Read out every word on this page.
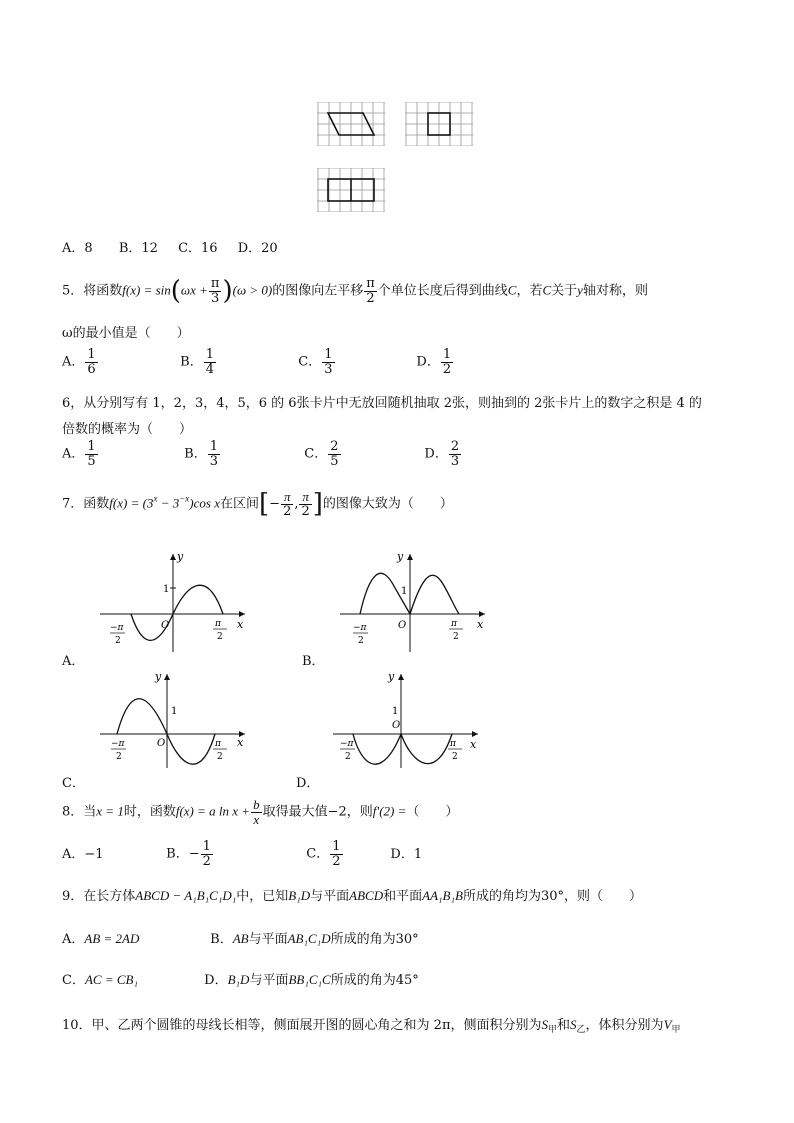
A．8 B．12 C．16 D．20
5．将函数$f(x) = \sin(\omega x + \frac{\pi}{3} )(\omega > 0)$的图像向左平移 $\frac{\pi}{2}$ 个单位长度后得到曲线C，若C关于y轴对称，则
ω的最小值是（　　）
A． $\frac{1}{6}$	B． $\frac{1}{4}$	C． $\frac{1}{3}$	D． $\frac{1}{2}$
6，从分别写有 1，2，3，4，5，6 的 6张卡片中无放回随机抽取 2张，则抽到的 2张卡片上的数字之积是 4 的
倍数的概率为（　　）
A． $\frac{1}{5}$	B． $\frac{1}{3}$	C． $\frac{2}{5}$	D． $\frac{2}{3}$
7．函数$f(x) = (3^x - 3^{-x})\cos$ x在区间[− $\frac{\pi}{2}$ , $\frac{\pi}{2}$ ]的图像大致为（　　）
y
x
1
O
−π
2
π
2
A．
y
x
1
O
−π
2
π
2
B．
y
x
1
O
−π
2
π
2
C．
y
x
1
O
−π
2
π
2
D．
8．当x = 1时，函数f(x) = a $\ln x + \frac{b}{x}$ 取得最大值−2，则f′(2) =（　　）
A．−1	B．− $\frac{1}{2}$	C． $\frac{1}{2}$	D．1
9．在长方体ABCD − A₁B₁C₁D₁中，已知B₁D与平面ABCD和平面AA₁B₁B所成的角均为30°，则（　　）
A．AB = 2AD	B．AB与平面AB₁C₁D所成的角为30°
C．AC = CB₁	D．B₁D与平面BB₁C₁C所成的角为45°
10．甲、乙两个圆锥的母线长相等，侧面展开图的圆心角之和为 2π，侧面积分别为$S_甲$和$S_乙$，体积分别为$V_甲$
